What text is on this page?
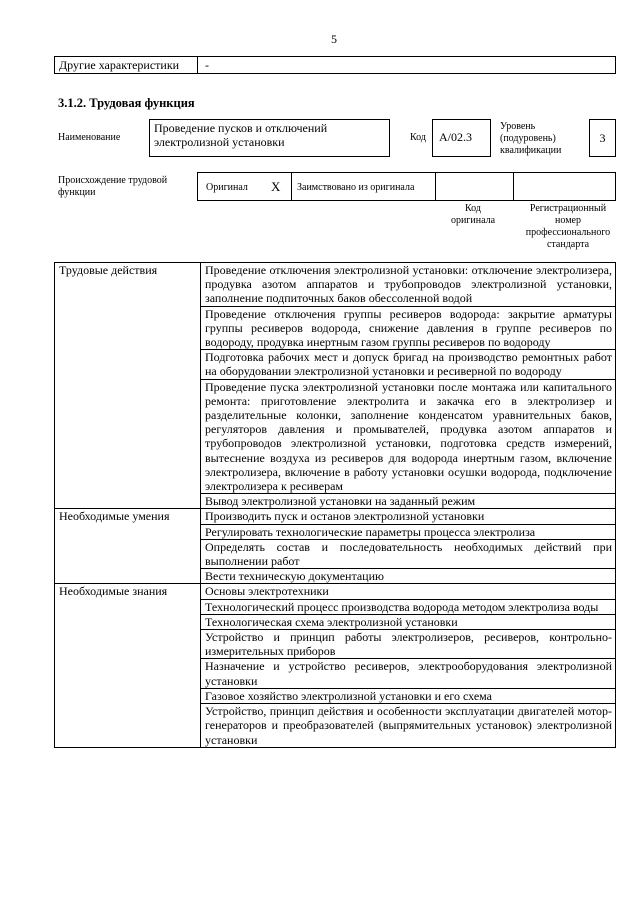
5
Другие характеристики -
3.1.2. Трудовая функция
Наименование
Проведение пусков и отключений электролизной установки	Код	А/02.3
Уровень (подуровень) квалификации
3
Происхождение трудовой функции	Оригинал X Заимствовано из оригинала
Код оригинала
Регистрационный номер профессионального стандарта
Трудовые действия	Проведение отключения электролизной установки: отключение электролизера, продувка азотом аппаратов и трубопроводов электролизной установки, заполнение подпиточных баков обессоленной водой
	Проведение отключения группы ресиверов водорода: закрытие арматуры группы ресиверов водорода, снижение давления в группе ресиверов по водороду, продувка инертным газом группы ресиверов по водороду
	Подготовка рабочих мест и допуск бригад на производство ремонтных работ на оборудовании электролизной установки и ресиверной по водороду
	Проведение пуска электролизной установки после монтажа или капитального ремонта: приготовление электролита и закачка его в электролизер и разделительные колонки, заполнение конденсатом уравнительных баков, регуляторов давления и промывателей, продувка азотом аппаратов и трубопроводов электролизной установки, подготовка средств измерений, вытеснение воздуха из ресиверов для водорода инертным газом, включение электролизера, включение в работу установки осушки водорода, подключение электролизера к ресиверам
	Вывод электролизной установки на заданный режим
Необходимые умения	Производить пуск и останов электролизной установки
	Регулировать технологические параметры процесса электролиза
	Определять состав и последовательность необходимых действий при выполнении работ
	Вести техническую документацию
Необходимые знания	Основы электротехники
	Технологический процесс производства водорода методом электролиза воды
	Технологическая схема электролизной установки
	Устройство и принцип работы электролизеров, ресиверов, контрольно-измерительных приборов
	Назначение и устройство ресиверов, электрооборудования электролизной установки
	Газовое хозяйство электролизной установки и его схема
	Устройство, принцип действия и особенности эксплуатации двигателей мотор-генераторов и преобразователей (выпрямительных установок) электролизной установки
